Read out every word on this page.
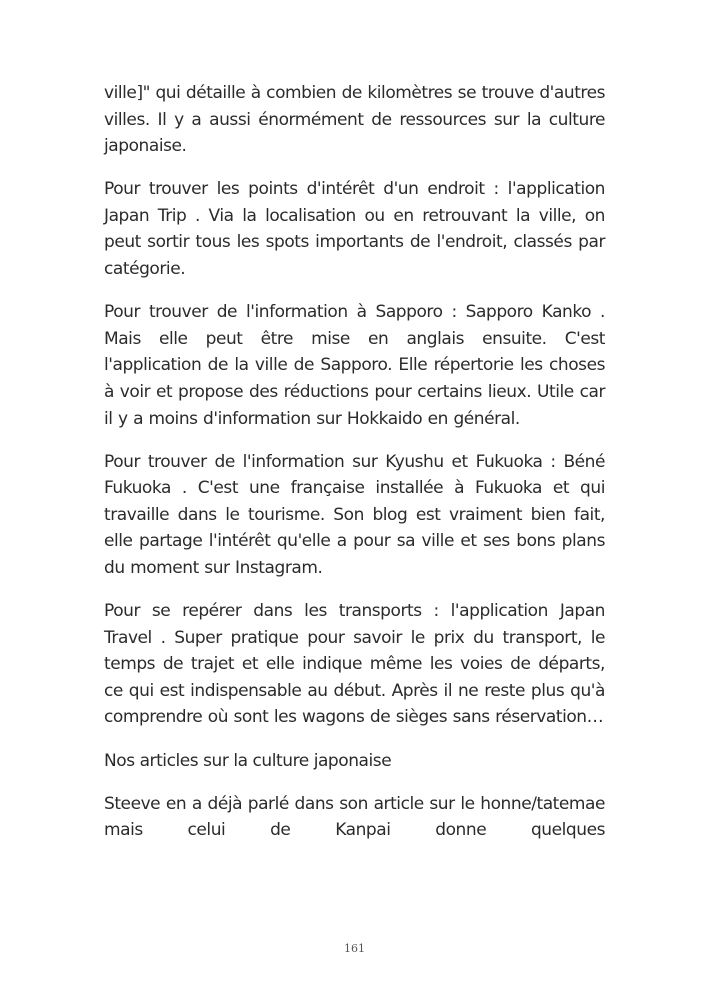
ville]" qui détaille à combien de kilomètres se trouve d'autres villes. Il y a aussi énormément de ressources sur la culture japonaise.

Pour trouver les points d'intérêt d'un endroit : l'application Japan Trip . Via la localisation ou en retrouvant la ville, on peut sortir tous les spots importants de l'endroit, classés par catégorie.

Pour trouver de l'information à Sapporo : Sapporo Kanko . Mais elle peut être mise en anglais ensuite. C'est l'application de la ville de Sapporo. Elle répertorie les choses à voir et propose des réductions pour certains lieux. Utile car il y a moins d'information sur Hokkaido en général.

Pour trouver de l'information sur Kyushu et Fukuoka : Béné Fukuoka . C'est une française installée à Fukuoka et qui travaille dans le tourisme. Son blog est vraiment bien fait, elle partage l'intérêt qu'elle a pour sa ville et ses bons plans du moment sur Instagram.

Pour se repérer dans les transports : l'application Japan Travel . Super pratique pour savoir le prix du transport, le temps de trajet et elle indique même les voies de départs, ce qui est indispensable au début. Après il ne reste plus qu'à comprendre où sont les wagons de sièges sans réservation…

Nos articles sur la culture japonaise

Steeve en a déjà parlé dans son article sur le honne/tatemae mais celui de Kanpai donne quelques

161
